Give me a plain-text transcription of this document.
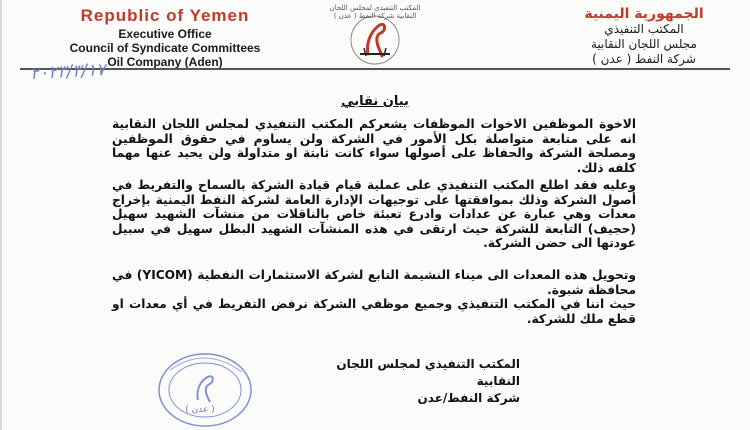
Republic of Yemen
Executive Office
Council of Syndicate Committees
Oil Company (Aden)
المكتب التنفيذي لمجلس اللجان النقابية شركة النفط ( عدن )	الجمهورية اليمنية
المكتب التنفيذي
مجلس اللجان النقابية
شركة النفط ( عدن )
٢٠٢٣/٣/١٧
بيان نقابي

الاخوة الموظفين الاخوات الموظفات يشعركم المكتب التنفيذي لمجلس اللجان النقابية انه على متابعة متواصلة بكل الأمور في الشركة ولن يساوم في حقوق الموظفين ومصلحة الشركة والحفاظ على أصولها سواء كانت ثابتة او متداولة ولن يحيد عنها مهما كلفه ذلك.

وعليه فقد اطلع المكتب التنفيذي على عملية قيام قيادة الشركة بالسماح والتفريط في أصول الشركة وذلك بموافقتها على توجيهات الإدارة العامة لشركة النفط اليمنية بإخراج معدات وهي عبارة عن عدادات وادرع تعبئة خاص بالناقلات من منشآت الشهيد سهيل (حجيف) التابعة للشركة حيث ارتقى في هذه المنشآت الشهيد البطل سهيل في سبيل عودتها الى حضن الشركة.

وتحويل هذه المعدات الى ميناء النشيمة التابع لشركة الاستثمارات النفطية (YICOM) في محافظة شبوة.

حيث اننا في المكتب التنفيذي وجميع موظفي الشركة نرفض التفريط في أي معدات او قطع ملك للشركة.

المكتب التنفيذي لمجلس اللجان النقابية
شركة النفط/عدن
( عدن )
